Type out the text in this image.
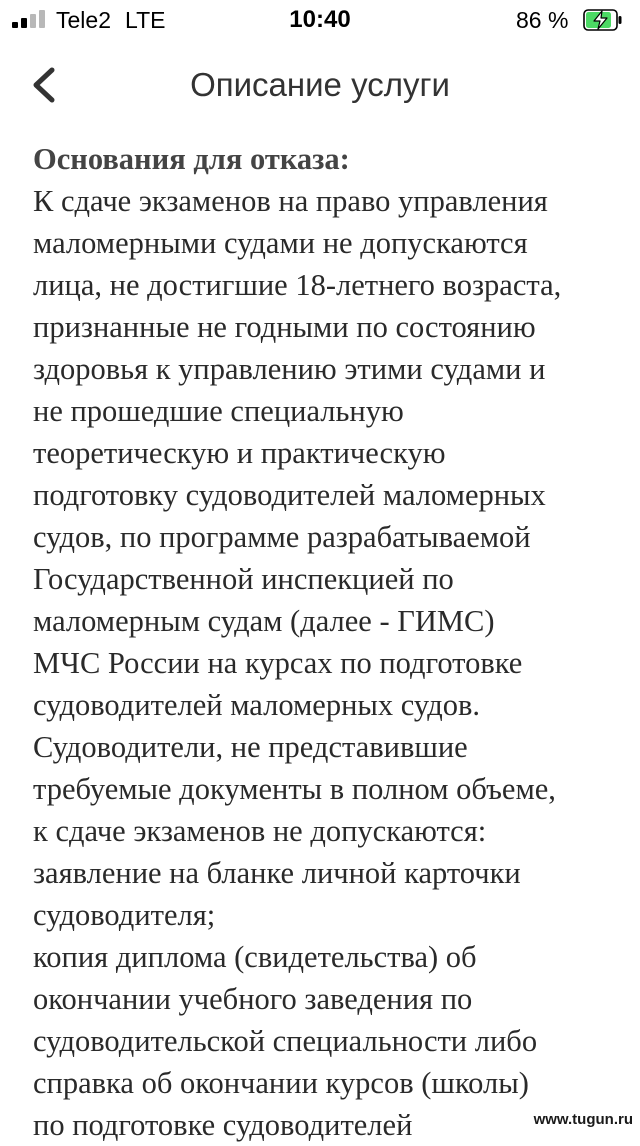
Tele2 LTE	10:40	86 %
Описание услуги
Основания для отказа:
К сдаче экзаменов на право управления
маломерными судами не допускаются
лица, не достигшие 18-летнего возраста,
признанные не годными по состоянию
здоровья к управлению этими судами и
не прошедшие специальную
теоретическую и практическую
подготовку судоводителей маломерных
судов, по программе разрабатываемой
Государственной инспекцией по
маломерным судам (далее - ГИМС)
МЧС России на курсах по подготовке
судоводителей маломерных судов.
Судоводители, не представившие
требуемые документы в полном объеме,
к сдаче экзаменов не допускаются:
заявление на бланке личной карточки
судоводителя;
копия диплома (свидетельства) об
окончании учебного заведения по
судоводительской специальности либо
справка об окончании курсов (школы)
по подготовке судоводителей	www.tugun.ru
